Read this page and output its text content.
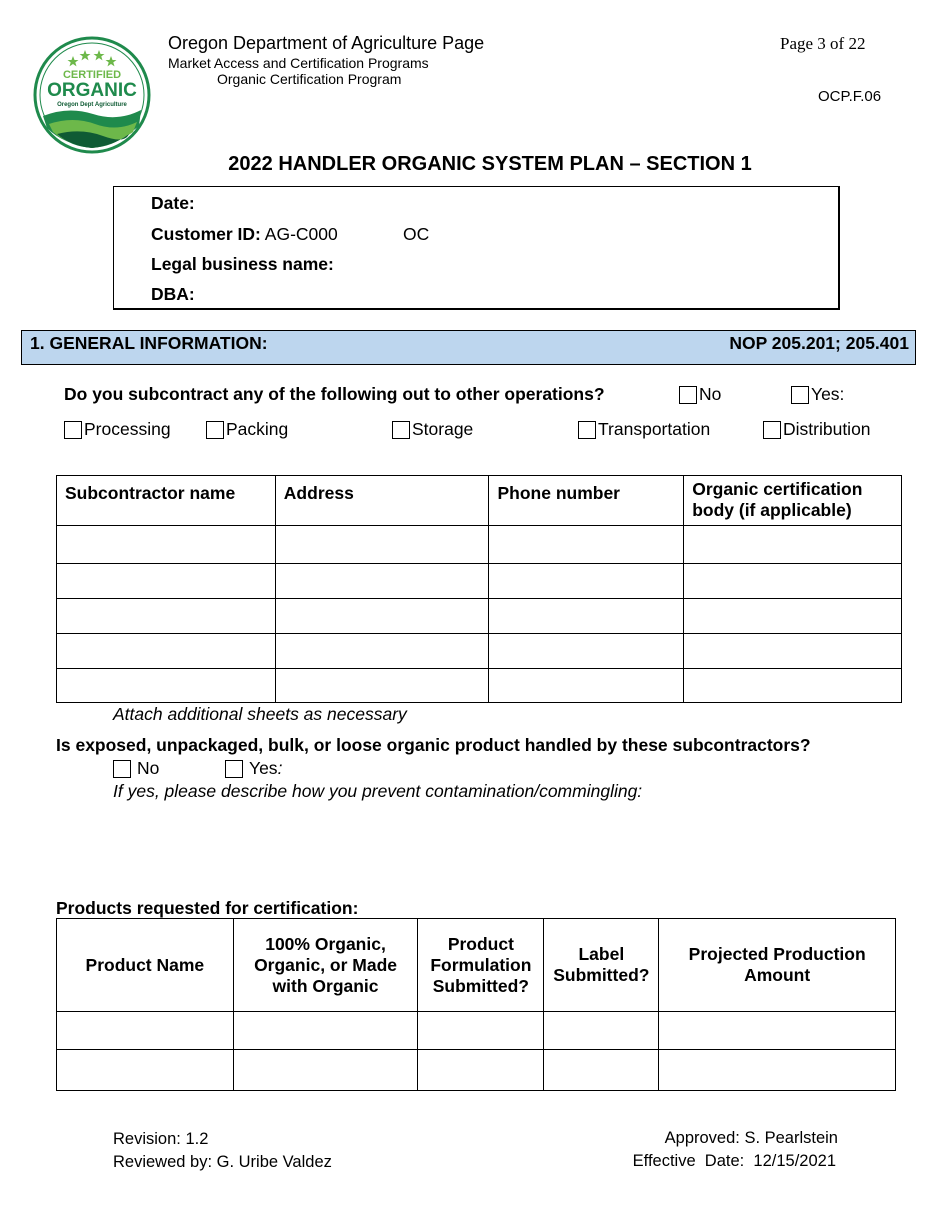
CERTIFIED
ORGANIC
Oregon Dept Agriculture
Oregon Department of Agriculture Page
Market Access and Certification Programs
Organic Certification Program
Page 3 of 22
OCP.F.06
2022 HANDLER ORGANIC SYSTEM PLAN – SECTION 1
Date:
Customer ID: AG-C000	OC
Legal business name:
DBA:
1. GENERAL INFORMATION:	NOP 205.201; 205.401
Do you subcontract any of the following out to other operations?	No	Yes:
Processing	Packing	Storage	Transportation	Distribution
Subcontractor name	Address	Phone number	Organic certification body (if applicable)

Attach additional sheets as necessary
Is exposed, unpackaged, bulk, or loose organic product handled by these subcontractors?
No	Yes :
If yes, please describe how you prevent contamination/commingling:
Products requested for certification:
Product Name	100% Organic, Organic, or Made with Organic	Product Formulation Submitted?	Label Submitted?	Projected Production Amount

Revision: 1.2
Reviewed by: G. Uribe Valdez
Approved: S. Pearlstein
Effective  Date:  12/15/2021
